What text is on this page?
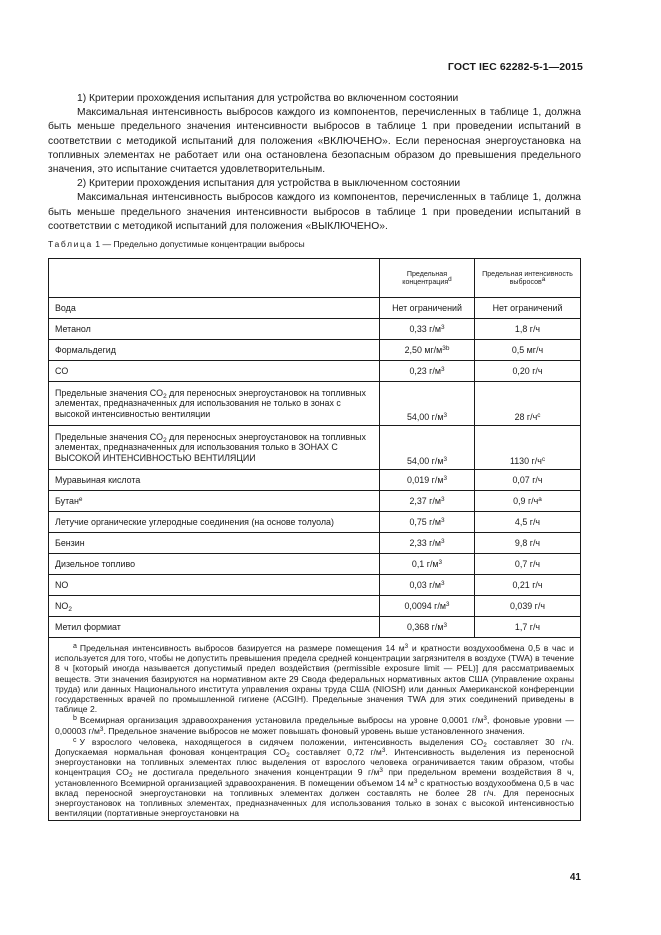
ГОСТ IEC 62282-5-1—2015

1) Критерии прохождения испытания для устройства во включенном состоянии

Максимальная интенсивность выбросов каждого из компонентов, перечисленных в таблице 1, должна быть меньше предельного значения интенсивности выбросов в таблице 1 при проведении испытаний в соответствии с методикой испытаний для положения «ВКЛЮЧЕНО». Если переносная энергоустановка на топливных элементах не работает или она остановлена безопасным образом до превышения предельного значения, это испытание считается удовлетворительным.

2) Критерии прохождения испытания для устройства в выключенном состоянии

Максимальная интенсивность выбросов каждого из компонентов, перечисленных в таблице 1, должна быть меньше предельного значения интенсивности выбросов в таблице 1 при проведении испытаний в соответствии с методикой испытаний для положения «ВЫКЛЮЧЕНО».

Таблица 1 — Предельно допустимые концентрации выбросы
	Предельная концентрация$^d$	Предельная интенсивность выбросов$^a$
Вода	Нет ограничений	Нет ограничений
Метанол	0,33 $г/м^3$	1,8 г/ч
Формальдегид	2,50 $мг/м^{3b}$	0,5 мг/ч
CO	0,23 $г/м^3$	0,20 г/ч
Предельные значения $CO_2$ для переносных энергоустановок на топливных элементах, предназначенных для использования не только в зонах с высокой интенсивностью вентиляции	54,00 $г/м^3$	28 $г/ч^c$
Предельные значения $CO_2$ для переносных энергоустановок на топливных элементах, предназначенных для использования только в ЗОНАХ С ВЫСОКОЙ ИНТЕНСИВНОСТЬЮ ВЕНТИЛЯЦИИ	54,00 $г/м^3$	1130 $г/ч^c$
Муравьиная кислота	0,019 $г/м^3$	0,07 г/ч
Бутан$^e$	2,37 $г/м^3$	0,9 $г/ч^a$
Летучие органические углеродные соединения (на основе толуола)	0,75 $г/м^3$	4,5 г/ч
Бензин	2,33 $г/м^3$	9,8 г/ч
Дизельное топливо	0,1 $г/м^3$	0,7 г/ч
NO	0,03 $г/м^3$	0,21 г/ч
$NO_2$	0,0094 $г/м^3$	0,039 г/ч
Метил формиат	0,368 $г/м^3$	1,7 г/ч

$^a$ Предельная интенсивность выбросов базируется на размере помещения 14 $м^3$ и кратности воздухообмена 0,5 в час и используется для того, чтобы не допустить превышения предела средней концентрации загрязнителя в воздухе (TWA) в течение 8 ч [который иногда называется допустимый предел воздействия (permissible exposure limit — PEL)] для рассматриваемых веществ. Эти значения базируются на нормативном акте 29 Свода федеральных нормативных актов США (Управление охраны труда) или данных Национального института управления охраны труда США (NIOSH) или данных Американской конференции государственных врачей по промышленной гигиене (ACGIH). Предельные значения TWA для этих соединений приведены в таблице 2.

$^b$ Всемирная организация здравоохранения установила предельные выбросы на уровне 0,0001 $г/м^3$, фоновые уровни — 0,00003 $г/м^3$. Предельное значение выбросов не может повышать фоновый уровень выше установленного значения.

$^c$ У взрослого человека, находящегося в сидячем положении, интенсивность выделения $CO_2$ составляет 30 г/ч. Допускаемая нормальная фоновая концентрация $CO_2$ составляет 0,72 $г/м^3$. Интенсивность выделения из переносной энергоустановки на топливных элементах плюс выделения от взрослого человека ограничивается таким образом, чтобы концентрация $CO_2$ не достигала предельного значения концентрации 9 $г/м^3$ при предельном времени воздействия 8 ч, установленного Всемирной организацией здравоохранения. В помещении объемом 14 $м^3$ с кратностью воздухообмена 0,5 в час вклад переносной энергоустановки на топливных элементах должен составлять не более 28 г/ч. Для переносных энергоустановок на топливных элементах, предназначенных для использования только в зонах с высокой интенсивностью вентиляции (портативные энергоустановки на		

41
